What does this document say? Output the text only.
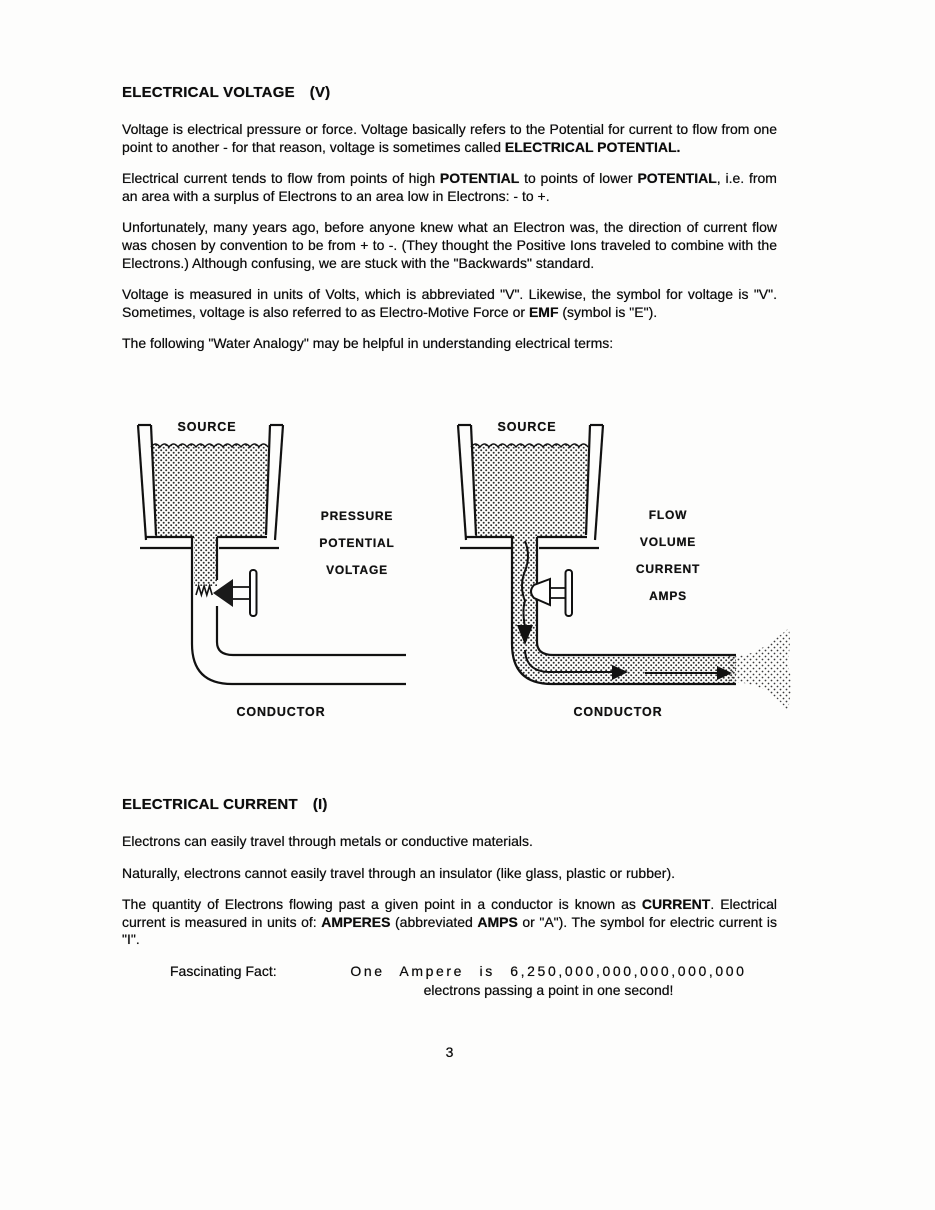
ELECTRICAL VOLTAGE (V)

Voltage is electrical pressure or force. Voltage basically refers to the Potential for current to flow from one point to another - for that reason, voltage is sometimes called ELECTRICAL POTENTIAL.

Electrical current tends to flow from points of high POTENTIAL to points of lower POTENTIAL, i.e. from an area with a surplus of Electrons to an area low in Electrons: - to +.

Unfortunately, many years ago, before anyone knew what an Electron was, the direction of current flow was chosen by convention to be from + to -. (They thought the Positive Ions traveled to combine with the Electrons.) Although confusing, we are stuck with the "Backwards" standard.

Voltage is measured in units of Volts, which is abbreviated "V". Likewise, the symbol for voltage is "V". Sometimes, voltage is also referred to as Electro-Motive Force or EMF (symbol is "E").

The following "Water Analogy" may be helpful in understanding electrical terms:

SOURCE
PRESSURE
POTENTIAL
VOLTAGE
CONDUCTOR
SOURCE
FLOW
VOLUME
CURRENT
AMPS
CONDUCTOR
ELECTRICAL CURRENT (I)

Electrons can easily travel through metals or conductive materials.

Naturally, electrons cannot easily travel through an insulator (like glass, plastic or rubber).

The quantity of Electrons flowing past a given point in a conductor is known as CURRENT. Electrical current is measured in units of: AMPERES (abbreviated AMPS or "A"). The symbol for electric current is "I".

Fascinating Fact:	One Ampere is 6,250,000,000,000,000,000
electrons passing a point in one second!
3
